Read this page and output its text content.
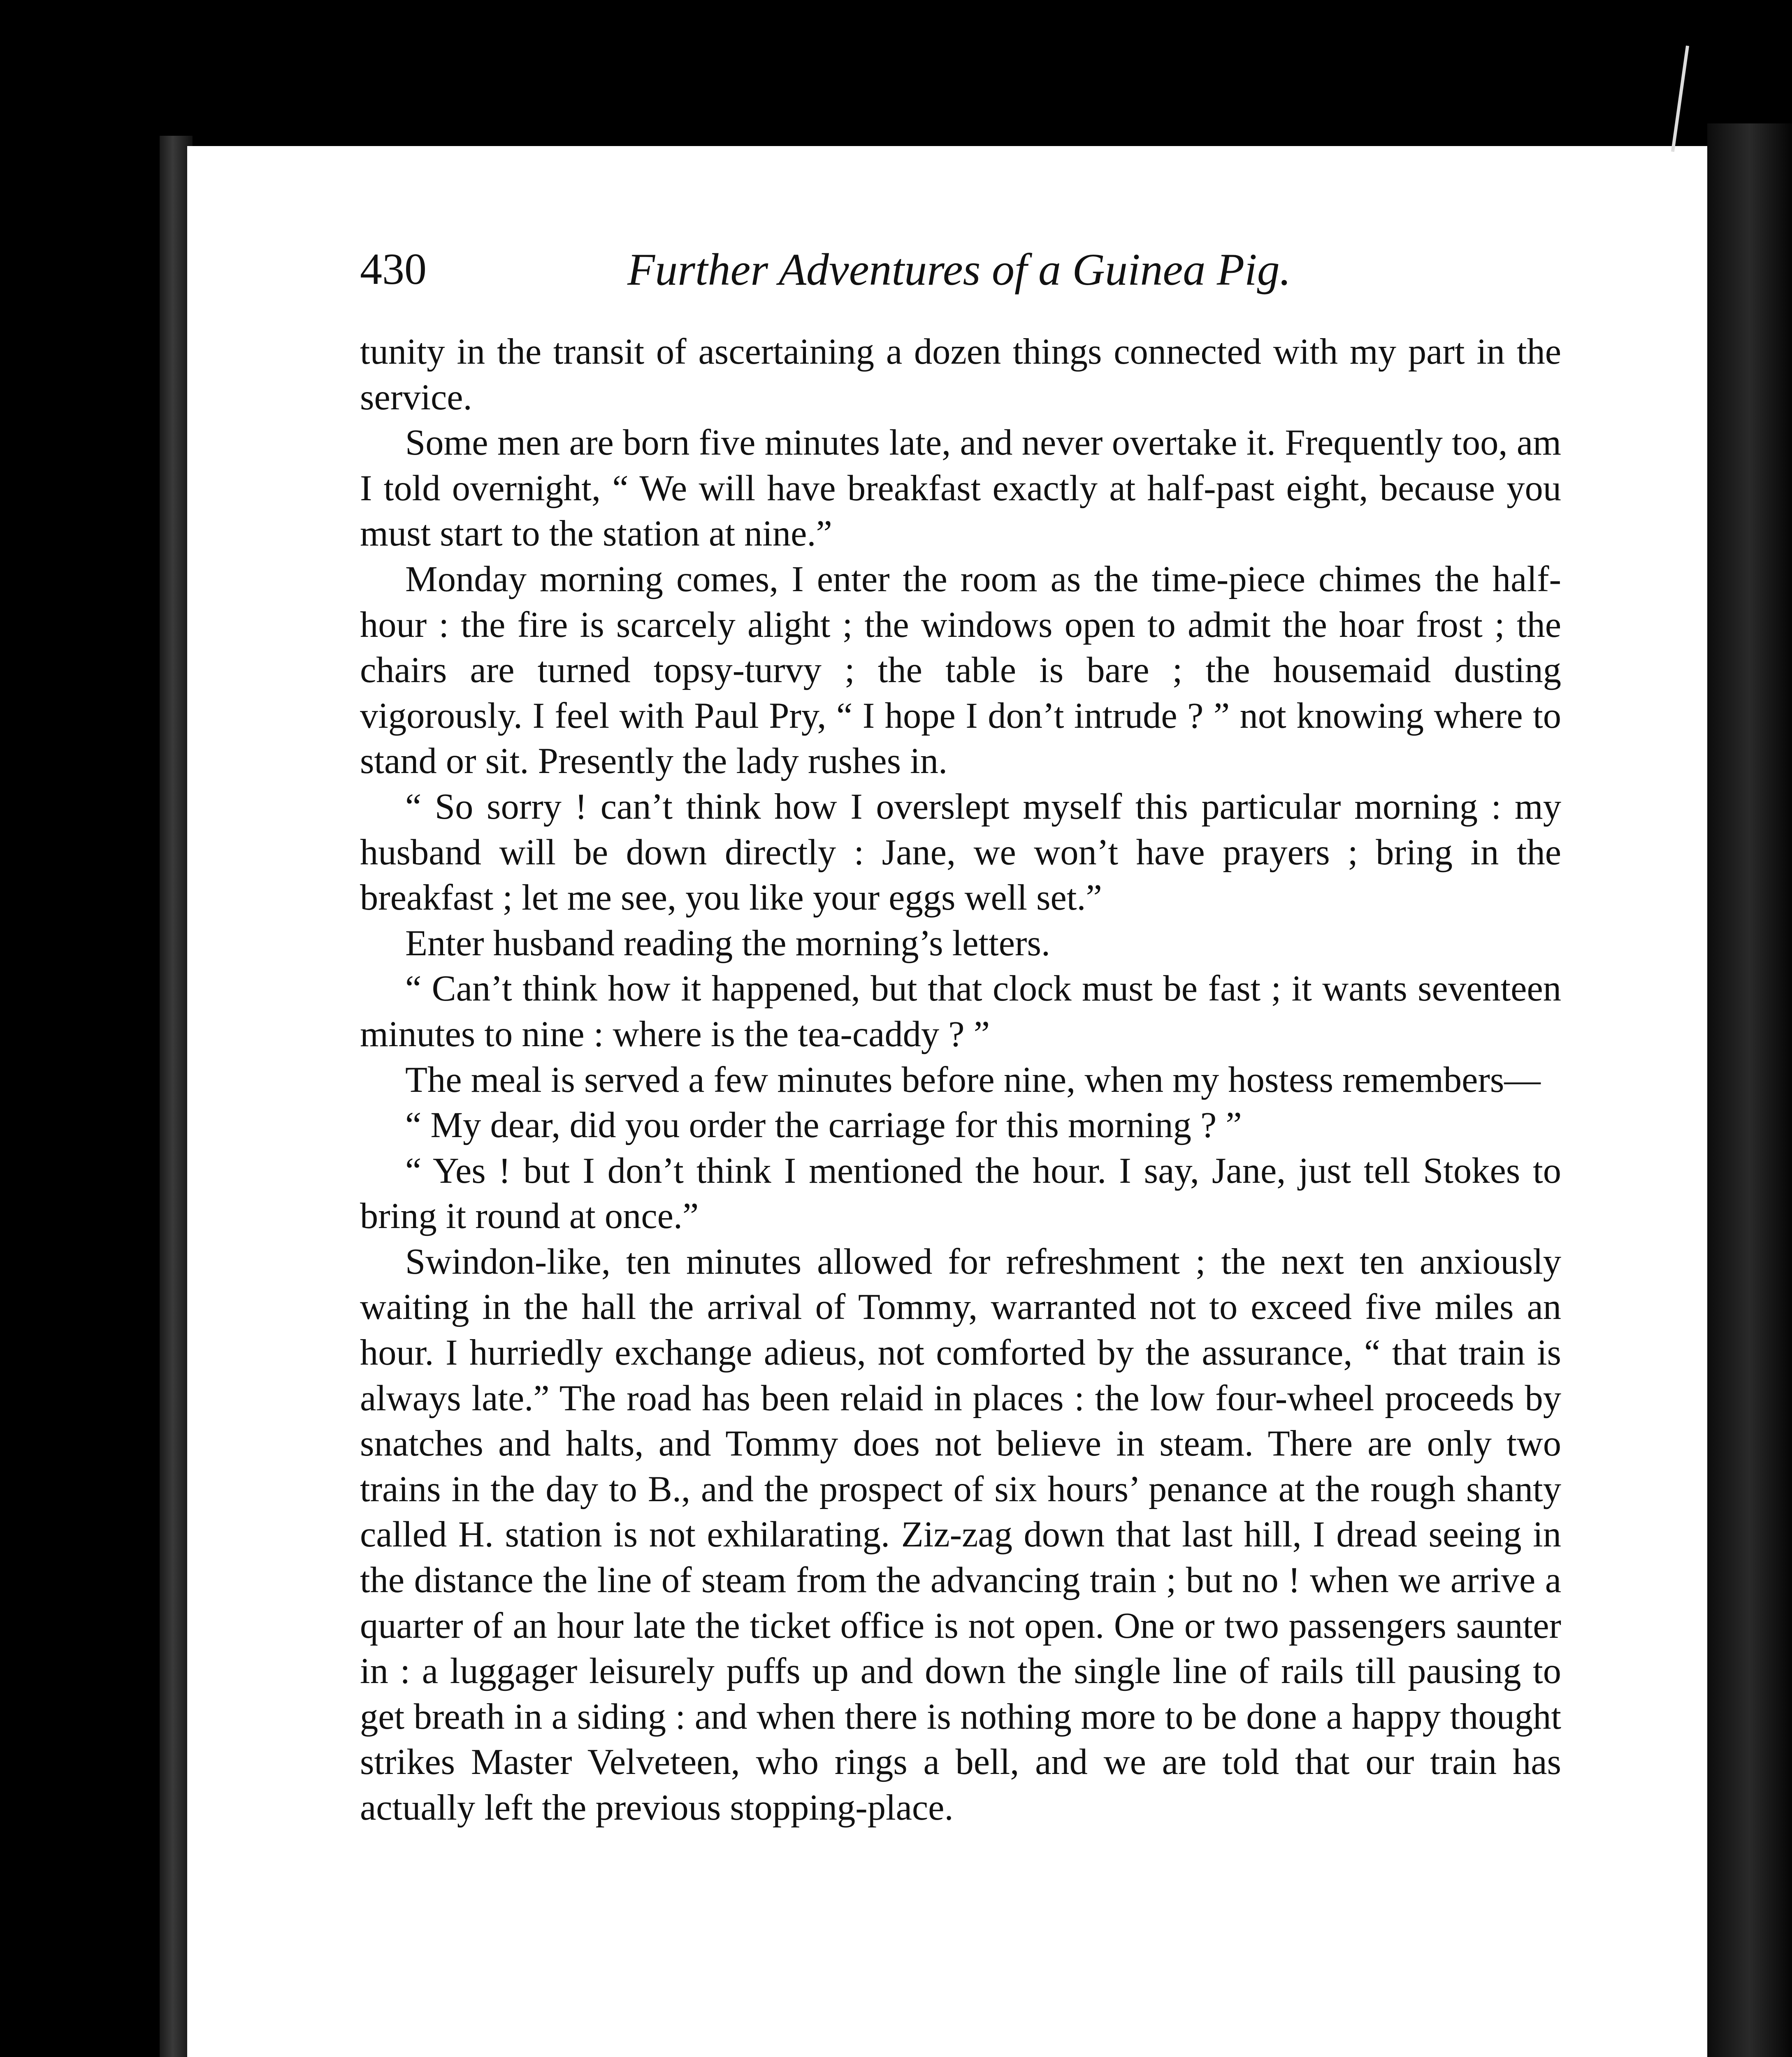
430	Further Adventures of a Guinea Pig.

tunity in the transit of ascertaining a dozen things connected with my part in the service.

Some men are born five minutes late, and never overtake it. Frequently too, am I told overnight, “ We will have breakfast exactly at half-past eight, because you must start to the station at nine.”

Monday morning comes, I enter the room as the time-piece chimes the half-hour : the fire is scarcely alight ; the windows open to admit the hoar frost ; the chairs are turned topsy-turvy ; the table is bare ; the housemaid dusting vigorously. I feel with Paul Pry, “ I hope I don’t intrude ? ” not knowing where to stand or sit. Presently the lady rushes in.

“ So sorry ! can’t think how I overslept myself this particular morning : my husband will be down directly : Jane, we won’t have prayers ; bring in the breakfast ; let me see, you like your eggs well set.”

Enter husband reading the morning’s letters.

“ Can’t think how it happened, but that clock must be fast ; it wants seventeen minutes to nine : where is the tea-caddy ? ”

The meal is served a few minutes before nine, when my hostess remembers—

“ My dear, did you order the carriage for this morning ? ”

“ Yes ! but I don’t think I mentioned the hour. I say, Jane, just tell Stokes to bring it round at once.”

Swindon-like, ten minutes allowed for refreshment ; the next ten anxiously waiting in the hall the arrival of Tommy, warranted not to exceed five miles an hour. I hurriedly exchange adieus, not comforted by the assurance, “ that train is always late.” The road has been relaid in places : the low four-wheel proceeds by snatches and halts, and Tommy does not believe in steam. There are only two trains in the day to B., and the prospect of six hours’ penance at the rough shanty called H. station is not exhilarating. Ziz-zag down that last hill, I dread seeing in the distance the line of steam from the advancing train ; but no ! when we arrive a quarter of an hour late the ticket office is not open. One or two passengers saunter in : a luggager leisurely puffs up and down the single line of rails till pausing to get breath in a siding : and when there is nothing more to be done a happy thought strikes Master Velveteen, who rings a bell, and we are told that our train has actually left the previous stopping-place.
